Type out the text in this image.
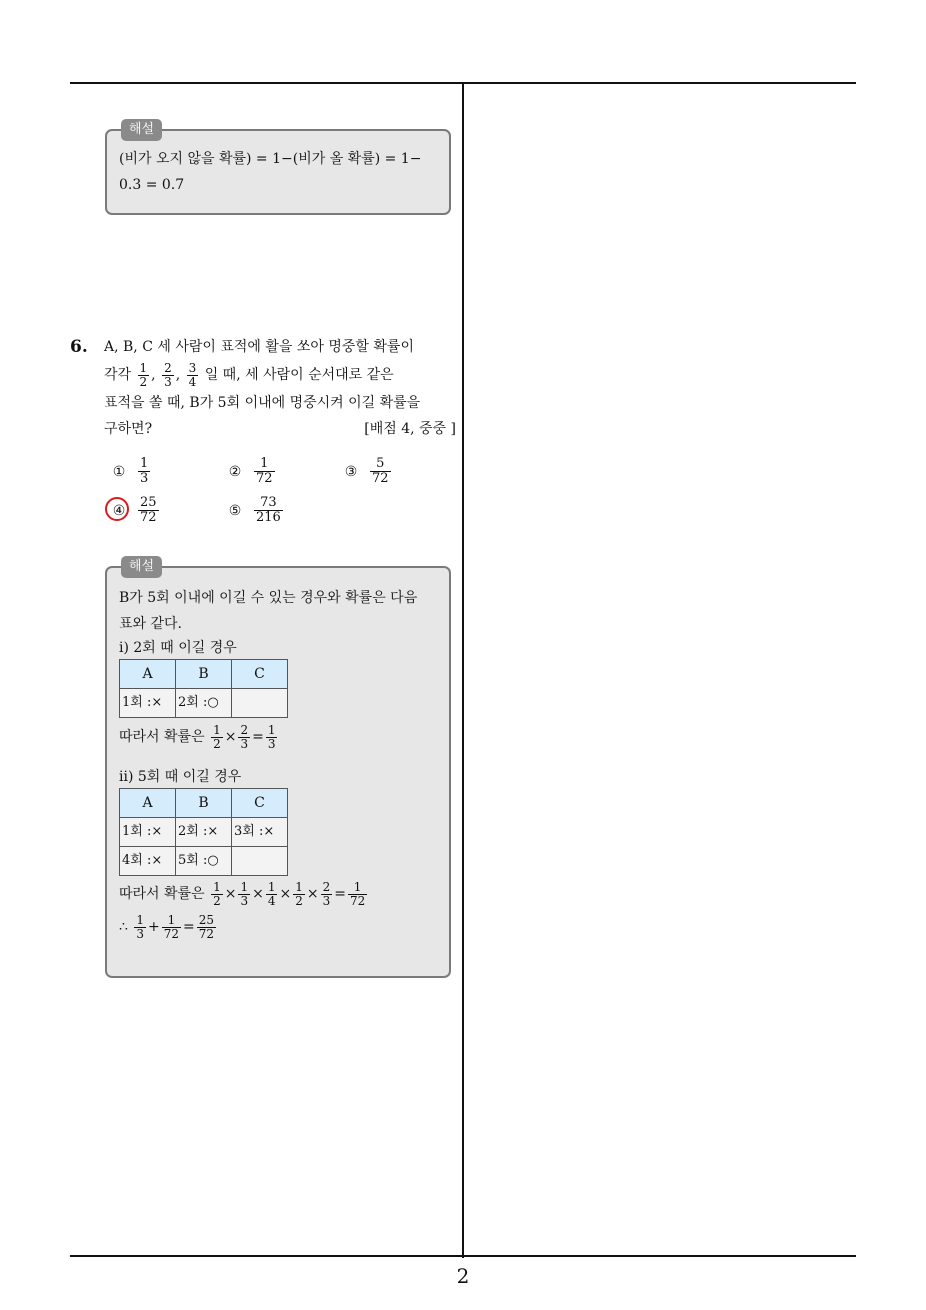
2
해설
(비가 오지 않을 확률) = 1−(비가 올 확률) = 1−
0.3 = 0.7
6. A, B, C 세 사람이 표적에 활을 쏘아 명중할 확률이
각각 $\frac{1}{2}$ , $\frac{2}{3}$ , $\frac{3}{4}$ 일 때, 세 사람이 순서대로 같은
표적을 쏠 때, B가 5회 이내에 명중시켜 이길 확률을
구하면?	[배점 4, 중중 ]
① $\frac{1}{3}$	② $\frac{1}{72}$	③ $\frac{5}{72}$
④ $\frac{25}{72}$	⑤ $\frac{73}{216}$
해설
B가 5회 이내에 이길 수 있는 경우와 확률은 다음
표와 같다.
ⅰ) 2회 때 이길 경우
A	B	C
1회 :×	2회 :○	
따라서 확률은 $\frac{1}{2} \times \frac{2}{3} = \frac{1}{3}$
ⅱ) 5회 때 이길 경우
A	B	C
1회 :×	2회 :×	3회 :×
4회 :×	5회 :○	
따라서 확률은 $\frac{1}{2} \times \frac{1}{3} \times \frac{1}{4} \times \frac{1}{2} \times \frac{2}{3} = \frac{1}{72}$
∴ $\frac{1}{3} + \frac{1}{72} = \frac{25}{72}$
